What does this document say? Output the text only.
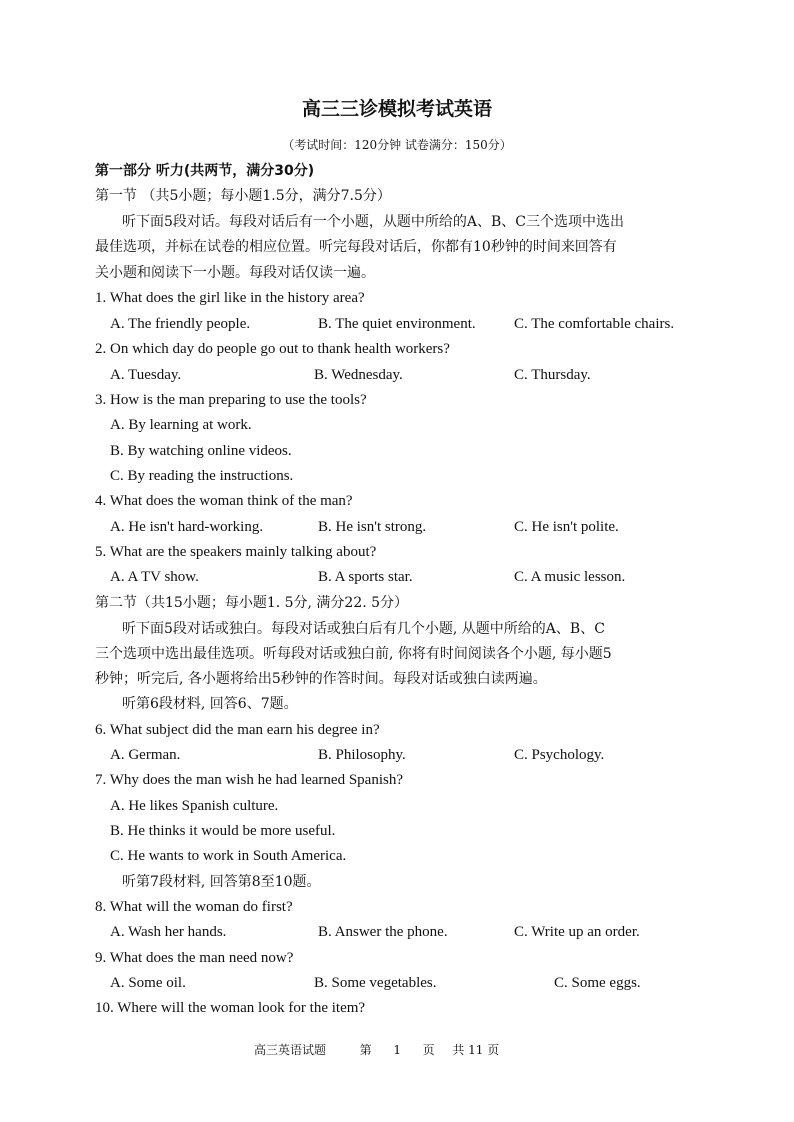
高三三诊模拟考试英语
（考试时间：120分钟 试卷满分：150分）
第一部分 听力(共两节，满分30分)
第一节 （共5小题；每小题1.5分，满分7.5分）
听下面5段对话。每段对话后有一个小题，从题中所给的A、B、C三个选项中选出
最佳选项，并标在试卷的相应位置。听完每段对话后，你都有10秒钟的时间来回答有
关小题和阅读下一小题。每段对话仅读一遍。
1. What does the girl like in the history area?
A. The friendly people.	B. The quiet environment.	C. The comfortable chairs.
2. On which day do people go out to thank health workers?
A. Tuesday.	B. Wednesday.	C. Thursday.
3. How is the man preparing to use the tools?
A. By learning at work.
B. By watching online videos.
C. By reading the instructions.
4. What does the woman think of the man?
A. He isn't hard-working.	B. He isn't strong.	C. He isn't polite.
5. What are the speakers mainly talking about?
A. A TV show.	B. A sports star.	C. A music lesson.
第二节（共15小题；每小题1. 5分, 满分22. 5分）
听下面5段对话或独白。每段对话或独白后有几个小题, 从题中所给的A、B、C
三个选项中选出最佳选项。听每段对话或独白前, 你将有时间阅读各个小题, 每小题5
秒钟；听完后, 各小题将给出5秒钟的作答时间。每段对话或独白读两遍。
听第6段材料, 回答6、7题。
6. What subject did the man earn his degree in?
A. German.	B. Philosophy.	C. Psychology.
7. Why does the man wish he had learned Spanish?
A. He likes Spanish culture.
B. He thinks it would be more useful.
C. He wants to work in South America.
听第7段材料, 回答第8至10题。
8. What will the woman do first?
A. Wash her hands.	B. Answer the phone.	C. Write up an order.
9. What does the man need now?
A. Some oil.	B. Some vegetables.	C. Some eggs.
10. Where will the woman look for the item?
高三英语试题	第 1 页 共 11 页
